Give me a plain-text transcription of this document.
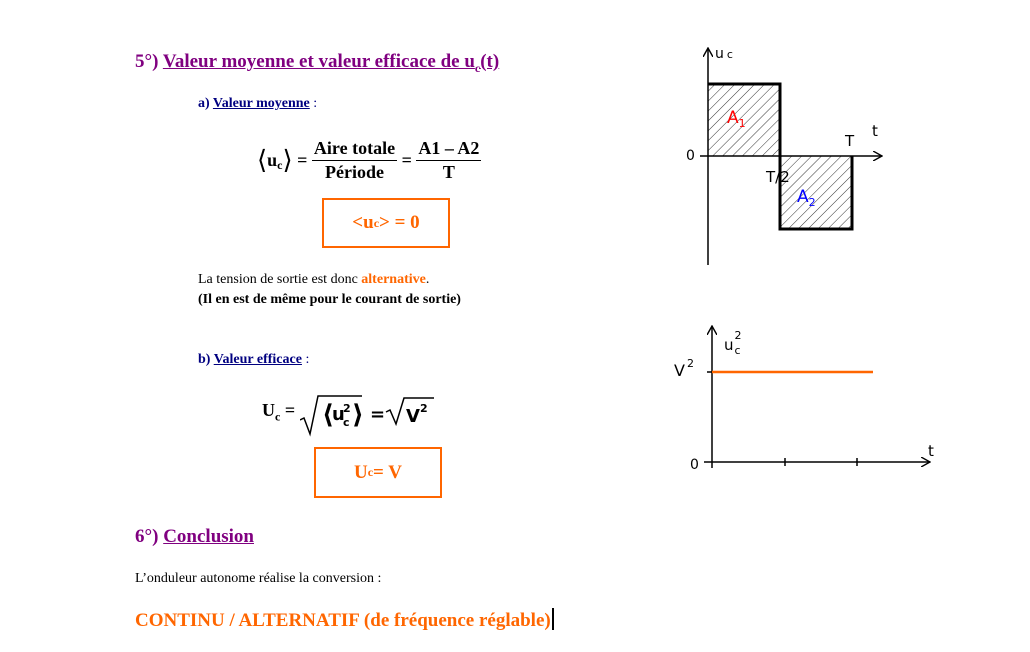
5°) Valeur moyenne et valeur efficace de $u_c(t)$
a) Valeur moyenne :
$⟨u_c⟩ = \frac{\text{Aire totale}}{\text{Période}} = \frac{A1 - A2}{T}$
<u c > = 0
La tension de sortie est donc alternative.
(Il en est de même pour le courant de sortie)
b) Valeur efficace :
$U_c$ = ⟨
u
2
c ⟩ = V 2
U c = V
6°) Conclusion
L’onduleur autonome réalise la conversion :
CONTINU / ALTERNATIF (de fréquence réglable)
u c
t
0
T
T/2
$A_1$
$A_2$
$u^2$ c
V $^2$
0
t
